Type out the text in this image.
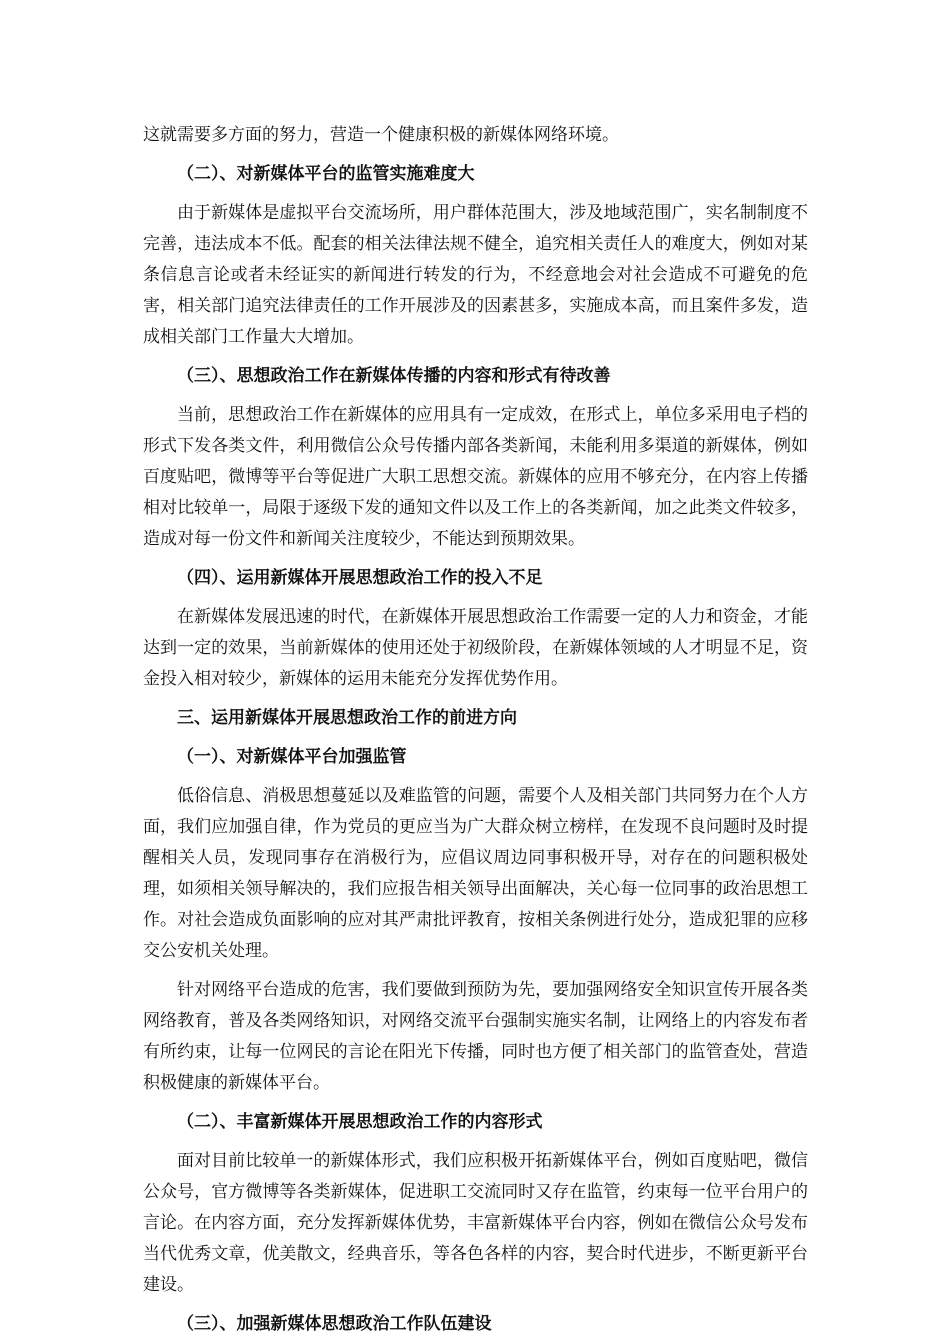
这就需要多方面的努力，营造一个健康积极的新媒体网络环境。

（二）、对新媒体平台的监管实施难度大

由于新媒体是虚拟平台交流场所，用户群体范围大，涉及地域范围广，实名制制度不完善，违法成本不低。配套的相关法律法规不健全，追究相关责任人的难度大，例如对某条信息言论或者未经证实的新闻进行转发的行为，不经意地会对社会造成不可避免的危害，相关部门追究法律责任的工作开展涉及的因素甚多，实施成本高，而且案件多发，造成相关部门工作量大大增加。

（三）、思想政治工作在新媒体传播的内容和形式有待改善

当前，思想政治工作在新媒体的应用具有一定成效，在形式上，单位多采用电子档的形式下发各类文件，利用微信公众号传播内部各类新闻，未能利用多渠道的新媒体，例如百度贴吧，微博等平台等促进广大职工思想交流。新媒体的应用不够充分，在内容上传播相对比较单一，局限于逐级下发的通知文件以及工作上的各类新闻，加之此类文件较多，造成对每一份文件和新闻关注度较少，不能达到预期效果。

（四）、运用新媒体开展思想政治工作的投入不足

在新媒体发展迅速的时代，在新媒体开展思想政治工作需要一定的人力和资金，才能达到一定的效果，当前新媒体的使用还处于初级阶段，在新媒体领域的人才明显不足，资金投入相对较少，新媒体的运用未能充分发挥优势作用。

三、运用新媒体开展思想政治工作的前进方向
（一）、对新媒体平台加强监管

低俗信息、消极思想蔓延以及难监管的问题，需要个人及相关部门共同努力在个人方面，我们应加强自律，作为党员的更应当为广大群众树立榜样，在发现不良问题时及时提醒相关人员，发现同事存在消极行为，应倡议周边同事积极开导，对存在的问题积极处理，如须相关领导解决的，我们应报告相关领导出面解决，关心每一位同事的政治思想工作。对社会造成负面影响的应对其严肃批评教育，按相关条例进行处分，造成犯罪的应移交公安机关处理。

针对网络平台造成的危害，我们要做到预防为先，要加强网络安全知识宣传开展各类网络教育，普及各类网络知识，对网络交流平台强制实施实名制，让网络上的内容发布者有所约束，让每一位网民的言论在阳光下传播，同时也方便了相关部门的监管查处，营造积极健康的新媒体平台。

（二）、丰富新媒体开展思想政治工作的内容形式

面对目前比较单一的新媒体形式，我们应积极开拓新媒体平台，例如百度贴吧，微信公众号，官方微博等各类新媒体，促进职工交流同时又存在监管，约束每一位平台用户的言论。在内容方面，充分发挥新媒体优势，丰富新媒体平台内容，例如在微信公众号发布当代优秀文章，优美散文，经典音乐，等各色各样的内容，契合时代进步，不断更新平台建设。

（三）、加强新媒体思想政治工作队伍建设
